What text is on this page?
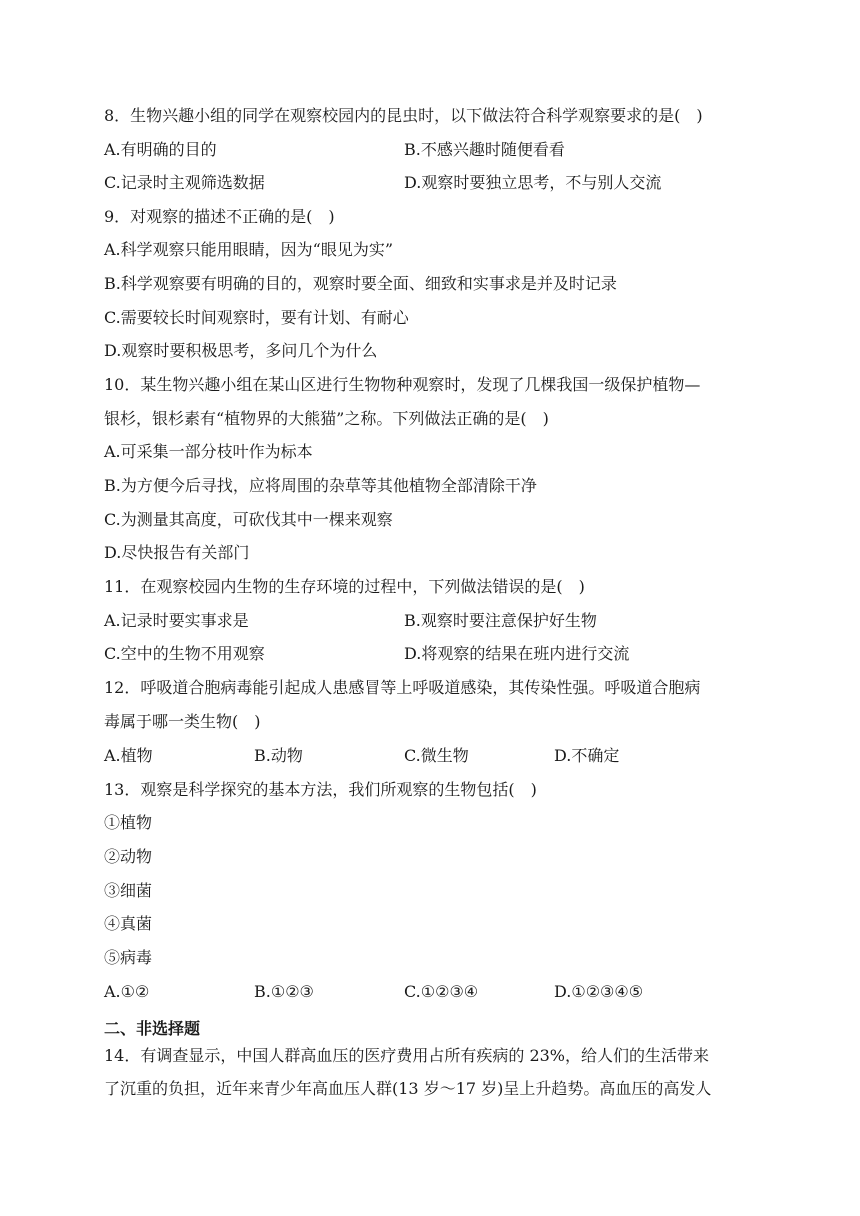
8．生物兴趣小组的同学在观察校园内的昆虫时，以下做法符合科学观察要求的是(　)
A.有明确的目的	B.不感兴趣时随便看看
C.记录时主观筛选数据	D.观察时要独立思考，不与别人交流
9．对观察的描述不正确的是(　)
A.科学观察只能用眼睛，因为“眼见为实”
B.科学观察要有明确的目的，观察时要全面、细致和实事求是并及时记录
C.需要较长时间观察时，要有计划、有耐心
D.观察时要积极思考，多问几个为什么
10．某生物兴趣小组在某山区进行生物物种观察时，发现了几棵我国一级保护植物—
银杉，银杉素有“植物界的大熊猫”之称。下列做法正确的是(　)
A.可采集一部分枝叶作为标本
B.为方便今后寻找，应将周围的杂草等其他植物全部清除干净
C.为测量其高度，可砍伐其中一棵来观察
D.尽快报告有关部门
11．在观察校园内生物的生存环境的过程中，下列做法错误的是(　)
A.记录时要实事求是	B.观察时要注意保护好生物
C.空中的生物不用观察	D.将观察的结果在班内进行交流
12．呼吸道合胞病毒能引起成人患感冒等上呼吸道感染，其传染性强。呼吸道合胞病
毒属于哪一类生物(　)
A.植物	B.动物	C.微生物	D.不确定
13．观察是科学探究的基本方法，我们所观察的生物包括(　)
①植物
②动物
③细菌
④真菌
⑤病毒
A.①②	B.①②③	C.①②③④	D.①②③④⑤
二、非选择题
14．有调查显示，中国人群高血压的医疗费用占所有疾病的 23%，给人们的生活带来
了沉重的负担，近年来青少年高血压人群(13 岁～17 岁)呈上升趋势。高血压的高发人
